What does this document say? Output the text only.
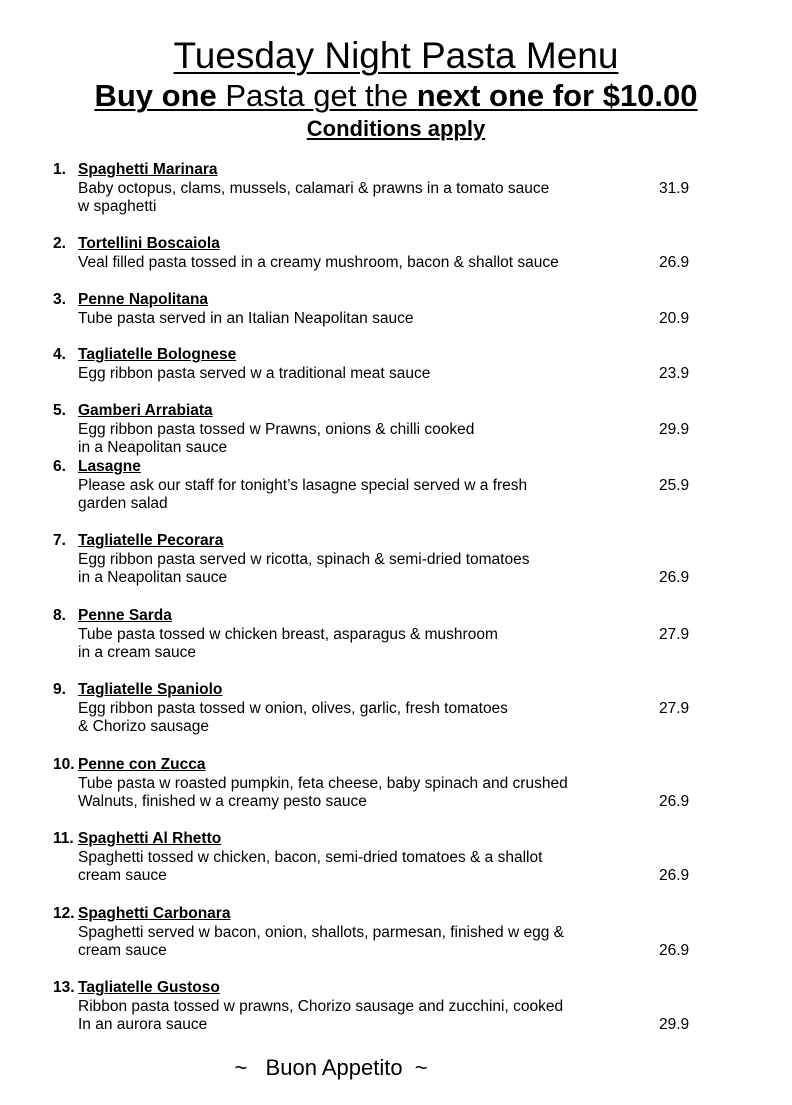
Tuesday Night Pasta Menu
Buy one Pasta get the next one for $10.00
Conditions apply
1. Spaghetti Marinara
Baby octopus, clams, mussels, calamari & prawns in a tomato sauce
w spaghetti
31.9
2. Tortellini Boscaiola
Veal filled pasta tossed in a creamy mushroom, bacon & shallot sauce	26.9
3. Penne Napolitana
Tube pasta served in an Italian Neapolitan sauce	20.9
4. Tagliatelle Bolognese
Egg ribbon pasta served w a traditional meat sauce	23.9
5. Gamberi Arrabiata
Egg ribbon pasta tossed w Prawns, onions & chilli cooked
in a Neapolitan sauce
29.9
6. Lasagne
Please ask our staff for tonight’s lasagne special served w a fresh
garden salad
25.9
7. Tagliatelle Pecorara
Egg ribbon pasta served w ricotta, spinach & semi-dried tomatoes
in a Neapolitan sauce	26.9
8. Penne Sarda
Tube pasta tossed w chicken breast, asparagus & mushroom
in a cream sauce
27.9
9. Tagliatelle Spaniolo
Egg ribbon pasta tossed w onion, olives, garlic, fresh tomatoes
& Chorizo sausage
27.9
10. Penne con Zucca
Tube pasta w roasted pumpkin, feta cheese, baby spinach and crushed
Walnuts, finished w a creamy pesto sauce	26.9
11. Spaghetti Al Rhetto
Spaghetti tossed w chicken, bacon, semi-dried tomatoes & a shallot
cream sauce	26.9
12. Spaghetti Carbonara
Spaghetti served w bacon, onion, shallots, parmesan, finished w egg &
cream sauce	26.9
13. Tagliatelle Gustoso
Ribbon pasta tossed w prawns, Chorizo sausage and zucchini, cooked
In an aurora sauce	29.9
~   Buon Appetito  ~
